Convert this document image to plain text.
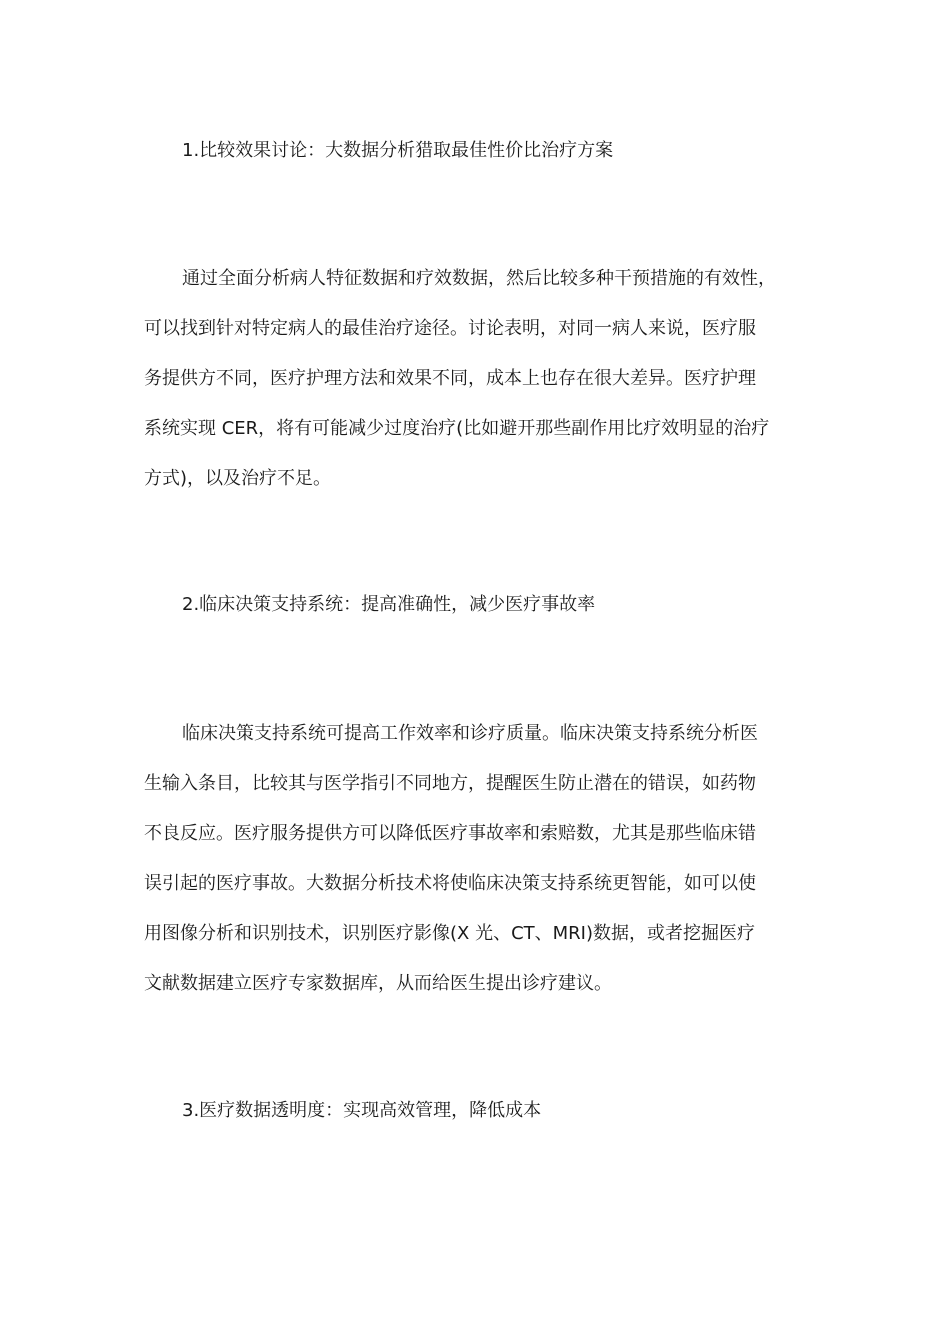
1.比较效果讨论：大数据分析猎取最佳性价比治疗方案

通过全面分析病人特征数据和疗效数据，然后比较多种干预措施的有效性，
可以找到针对特定病人的最佳治疗途径。讨论表明，对同一病人来说，医疗服
务提供方不同，医疗护理方法和效果不同，成本上也存在很大差异。医疗护理
系统实现 CER，将有可能减少过度治疗(比如避开那些副作用比疗效明显的治疗
方式)，以及治疗不足。

2.临床决策支持系统：提高准确性，减少医疗事故率

临床决策支持系统可提高工作效率和诊疗质量。临床决策支持系统分析医
生输入条目，比较其与医学指引不同地方，提醒医生防止潜在的错误，如药物
不良反应。医疗服务提供方可以降低医疗事故率和索赔数，尤其是那些临床错
误引起的医疗事故。大数据分析技术将使临床决策支持系统更智能，如可以使
用图像分析和识别技术，识别医疗影像(X 光、CT、MRI)数据，或者挖掘医疗
文献数据建立医疗专家数据库，从而给医生提出诊疗建议。

3.医疗数据透明度：实现高效管理，降低成本
